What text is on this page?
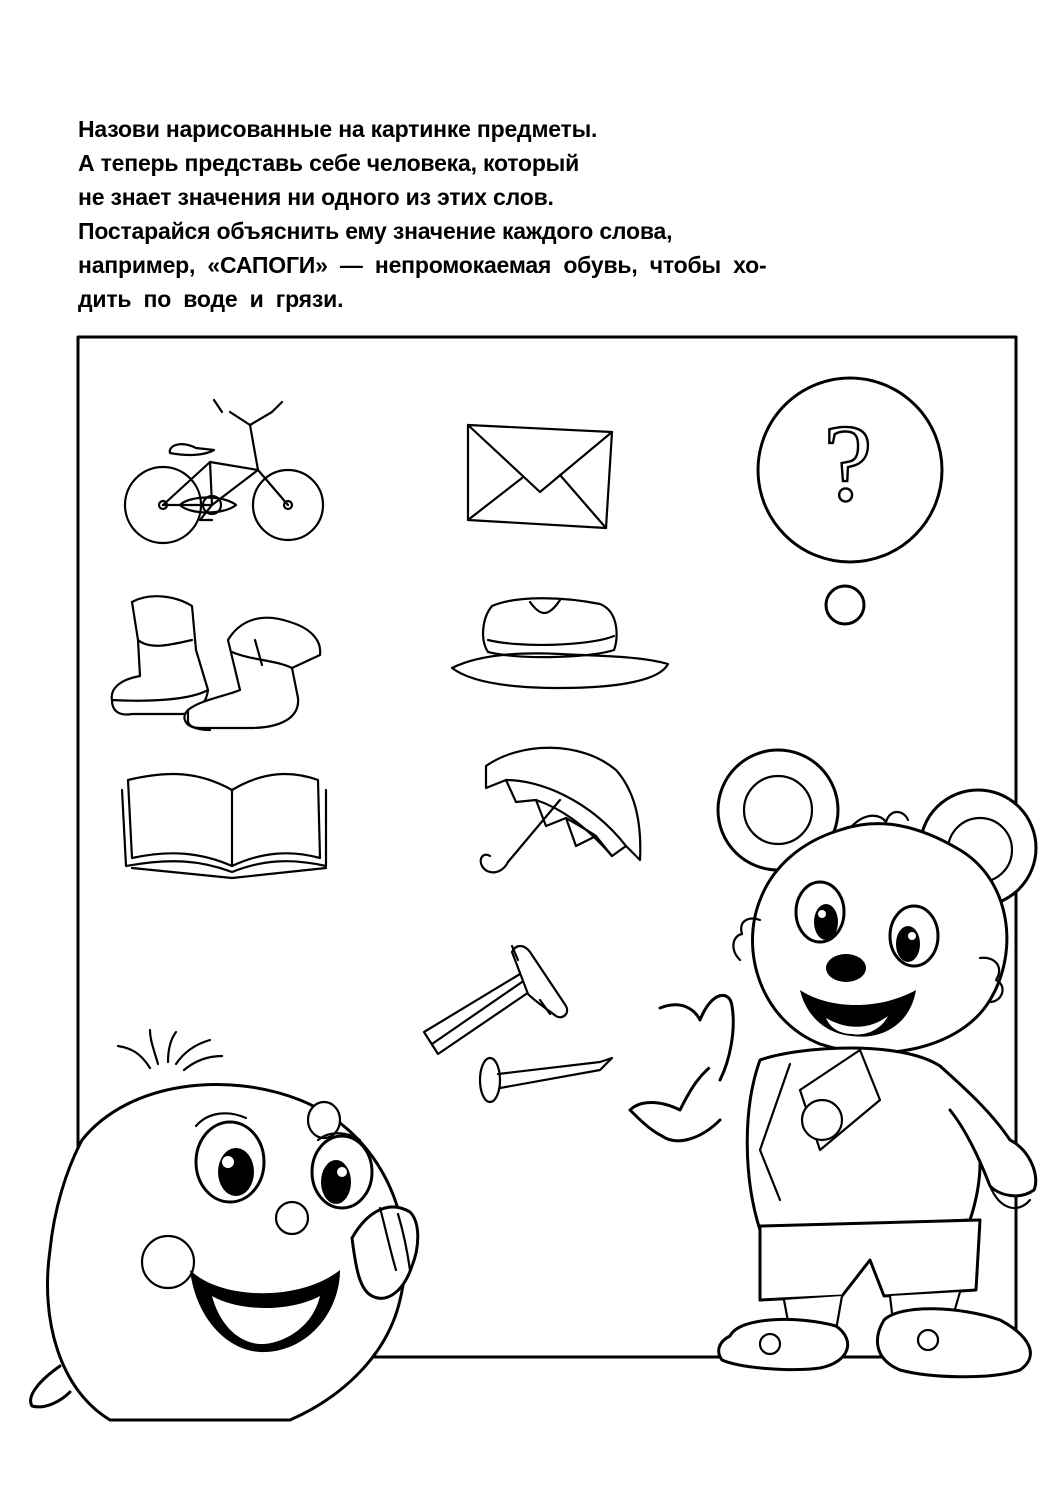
Назови нарисованные на картинке предметы.
А теперь представь себе человека, который
не знает значения ни одного из этих слов.
Постарайся объяснить ему значение каждого слова,
например, «САПОГИ» — непромокаемая обувь, чтобы хо-
дить по воде и грязи.
?
